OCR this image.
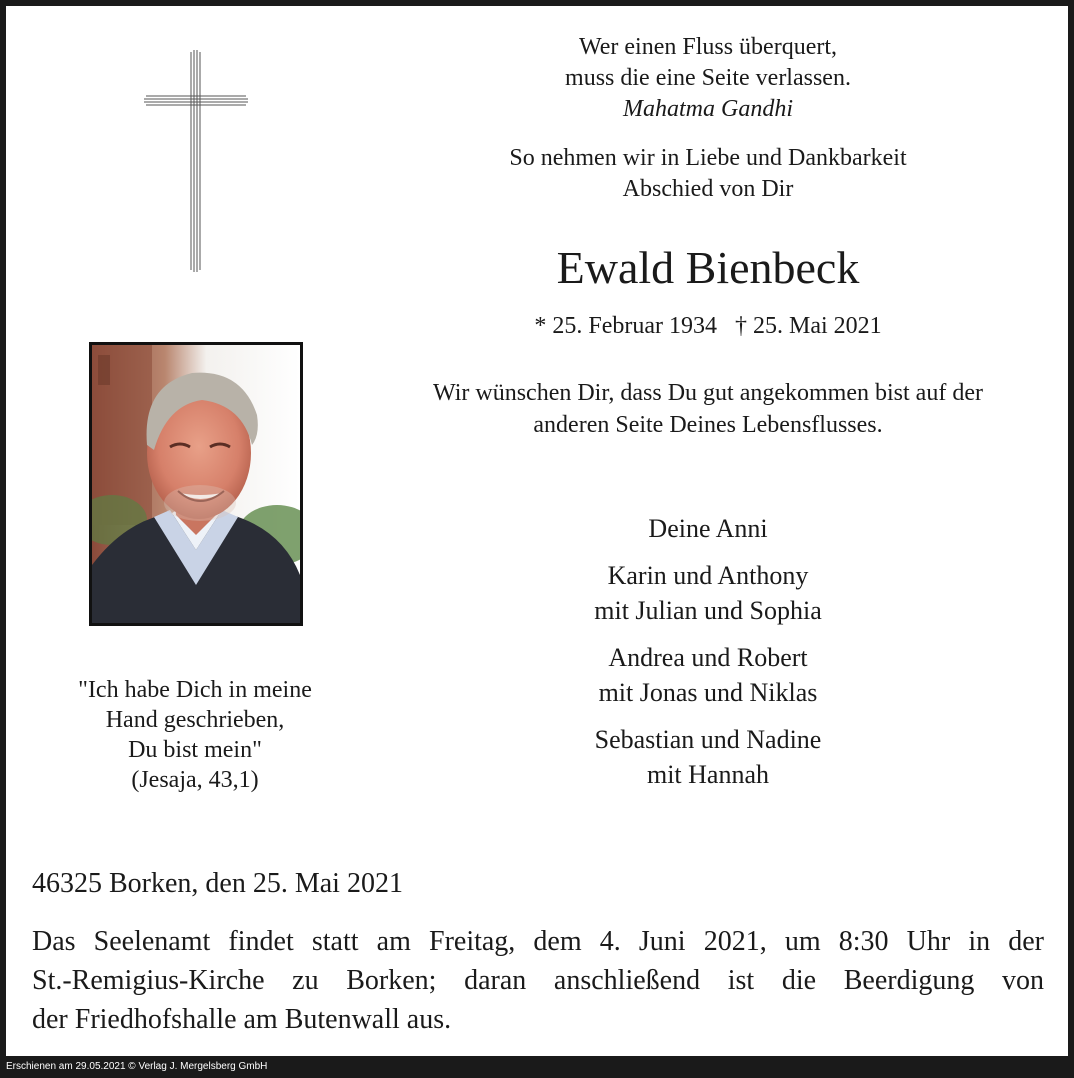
Wer einen Fluss überquert,
muss die eine Seite verlassen.
Mahatma Gandhi
So nehmen wir in Liebe und Dankbarkeit
Abschied von Dir
Ewald Bienbeck
* 25. Februar 1934 † 25. Mai 2021
Wir wünschen Dir, dass Du gut angekommen bist auf der
anderen Seite Deines Lebensflusses.
"Ich habe Dich in meine
Hand geschrieben,
Du bist mein"
(Jesaja, 43,1)
Deine Anni
Karin und Anthony
mit Julian und Sophia
Andrea und Robert
mit Jonas und Niklas
Sebastian und Nadine
mit Hannah
46325 Borken, den 25. Mai 2021
Das Seelenamt findet statt am Freitag, dem 4. Juni 2021, um 8:30 Uhr in der
St.-Remigius-Kirche zu Borken; daran anschließend ist die Beerdigung von
der Friedhofshalle am Butenwall aus.
Erschienen am 29.05.2021 © Verlag J. Mergelsberg GmbH
